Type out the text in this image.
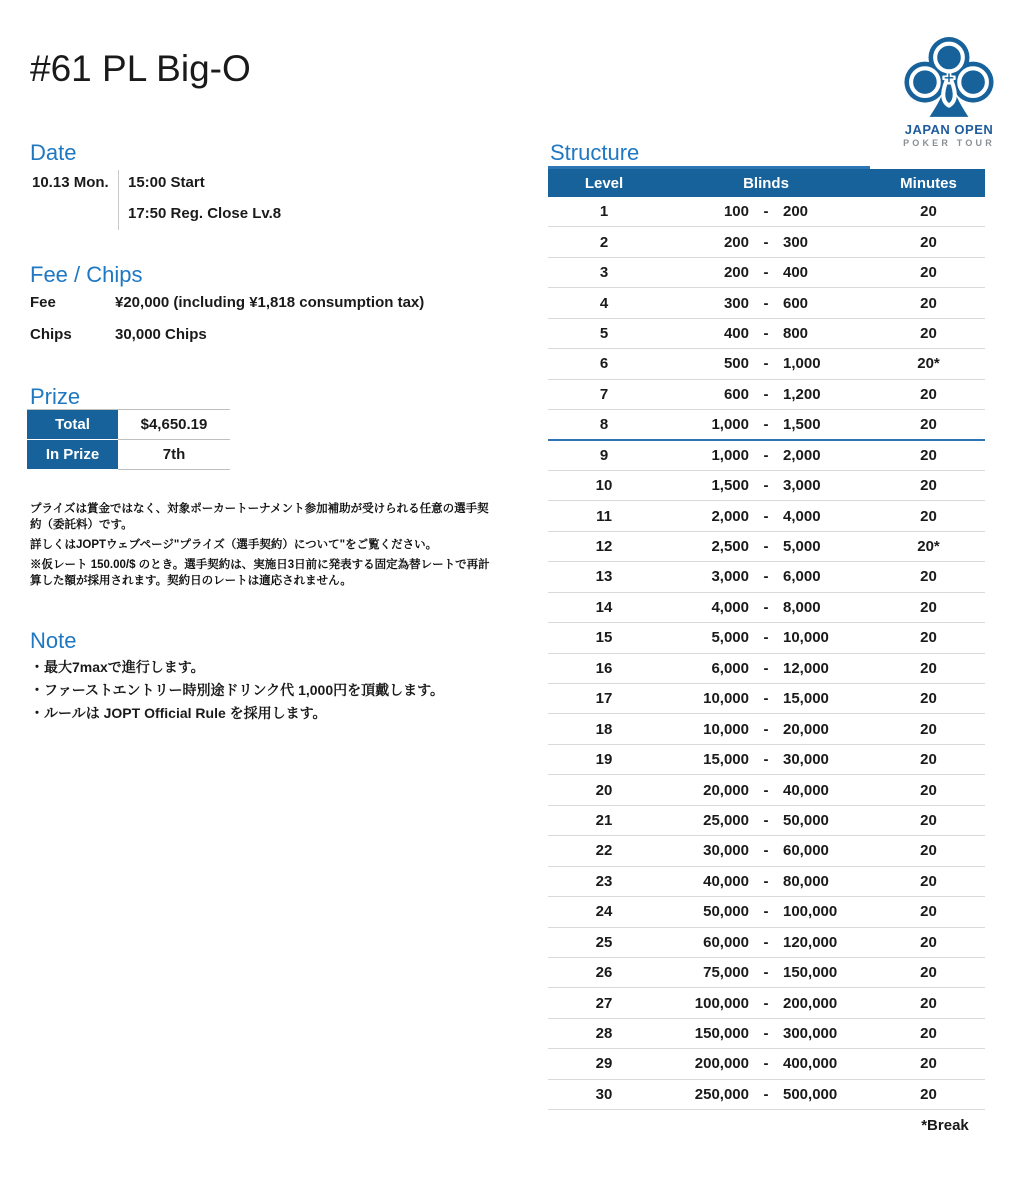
#61 PL Big-O
JAPAN OPEN
POKER TOUR
Date
10.13 Mon. 15:00 Start
17:50 Reg. Close Lv.8
Fee / Chips
Fee	¥20,000 (including ¥1,818 consumption tax)
Chips	30,000 Chips
Prize
Total	$4,650.19
In Prize	7th

プライズは賞金ではなく、対象ポーカートーナメント参加補助が受けられる任意の選手契約（委託料）です。

詳しくはJOPTウェブページ"プライズ（選手契約）について"をご覧ください。

※仮レート 150.00/$ のとき。選手契約は、実施日3日前に発表する固定為替レートで再計算した額が採用されます。契約日のレートは適応されません。

Note
・最大7maxで進行します。
・ファーストエントリー時別途ドリンク代 1,000円を頂戴します。
・ルールは JOPT Official Rule を採用します。
Structure
Level	Blinds	Minutes
1	100 - 200	20
2	200 - 300	20
3	200 - 400	20
4	300 - 600	20
5	400 - 800	20
6	500 - 1,000	20*
7	600 - 1,200	20
8	1,000 - 1,500	20
9	1,000 - 2,000	20
10	1,500 - 3,000	20
11	2,000 - 4,000	20
12	2,500 - 5,000	20*
13	3,000 - 6,000	20
14	4,000 - 8,000	20
15	5,000 - 10,000	20
16	6,000 - 12,000	20
17	10,000 - 15,000	20
18	10,000 - 20,000	20
19	15,000 - 30,000	20
20	20,000 - 40,000	20
21	25,000 - 50,000	20
22	30,000 - 60,000	20
23	40,000 - 80,000	20
24	50,000 - 100,000	20
25	60,000 - 120,000	20
26	75,000 - 150,000	20
27	100,000 - 200,000	20
28	150,000 - 300,000	20
29	200,000 - 400,000	20
30	250,000 - 500,000	20
*Break
